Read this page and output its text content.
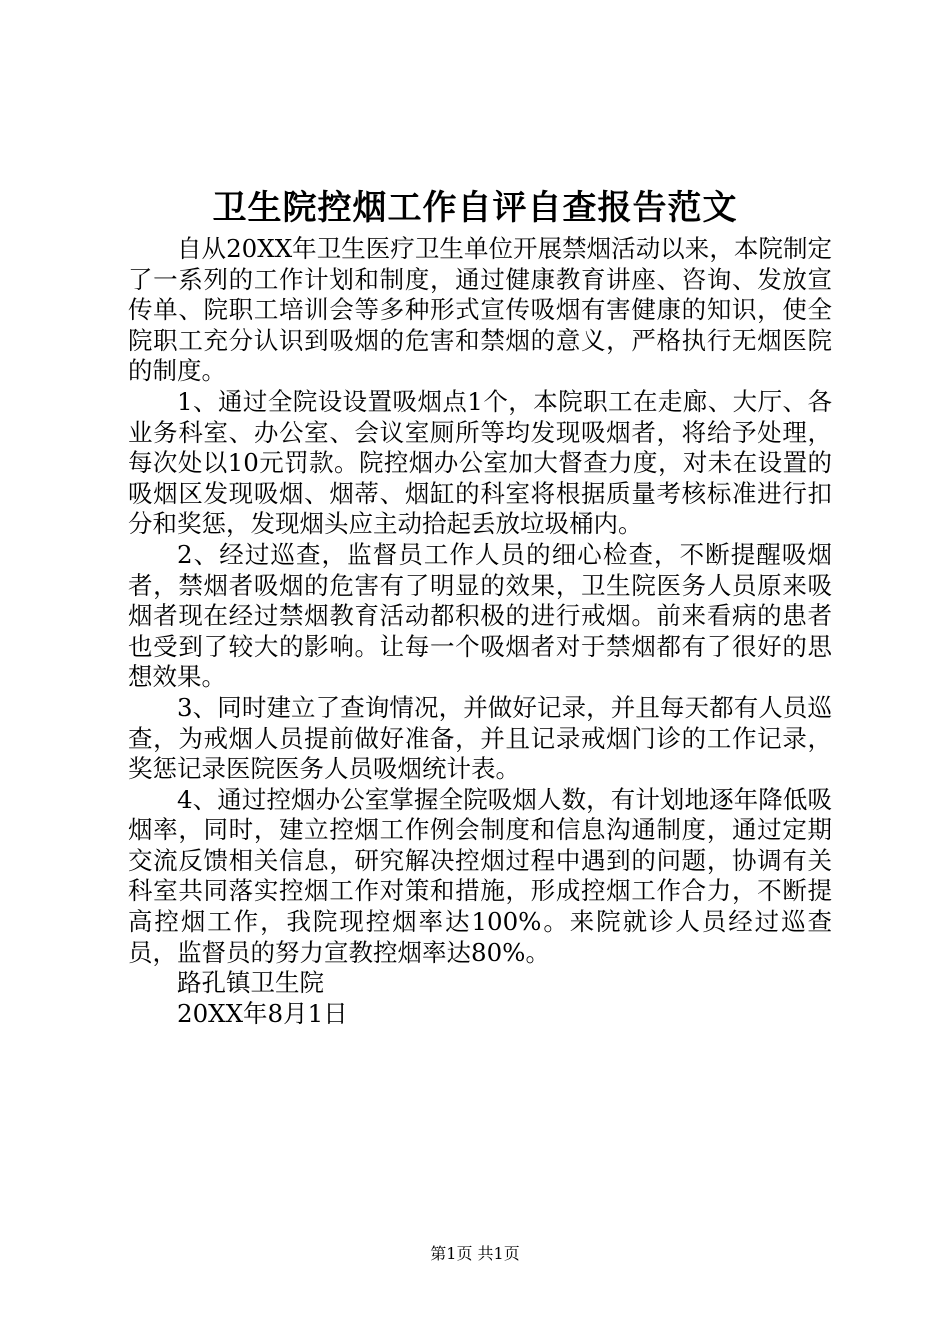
卫生院控烟工作自评自查报告范文

自从20XX年卫生医疗卫生单位开展禁烟活动以来，本院制定了一系列的工作计划和制度，通过健康教育讲座、咨询、发放宣传单、院职工培训会等多种形式宣传吸烟有害健康的知识，使全院职工充分认识到吸烟的危害和禁烟的意义，严格执行无烟医院的制度。

1、通过全院设设置吸烟点1个，本院职工在走廊、大厅、各业务科室、办公室、会议室厕所等均发现吸烟者，将给予处理，每次处以10元罚款。院控烟办公室加大督查力度，对未在设置的吸烟区发现吸烟、烟蒂、烟缸的科室将根据质量考核标准进行扣分和奖惩，发现烟头应主动拾起丢放垃圾桶内。

2、经过巡查，监督员工作人员的细心检查，不断提醒吸烟者，禁烟者吸烟的危害有了明显的效果，卫生院医务人员原来吸烟者现在经过禁烟教育活动都积极的进行戒烟。前来看病的患者也受到了较大的影响。让每一个吸烟者对于禁烟都有了很好的思想效果。

3、同时建立了查询情况，并做好记录，并且每天都有人员巡查，为戒烟人员提前做好准备，并且记录戒烟门诊的工作记录，奖惩记录医院医务人员吸烟统计表。

4、通过控烟办公室掌握全院吸烟人数，有计划地逐年降低吸烟率，同时，建立控烟工作例会制度和信息沟通制度，通过定期交流反馈相关信息，研究解决控烟过程中遇到的问题，协调有关科室共同落实控烟工作对策和措施，形成控烟工作合力，不断提高控烟工作，我院现控烟率达100%。来院就诊人员经过巡查员，监督员的努力宣教控烟率达80%。

路孔镇卫生院
20XX年8月1日
第1页 共1页
